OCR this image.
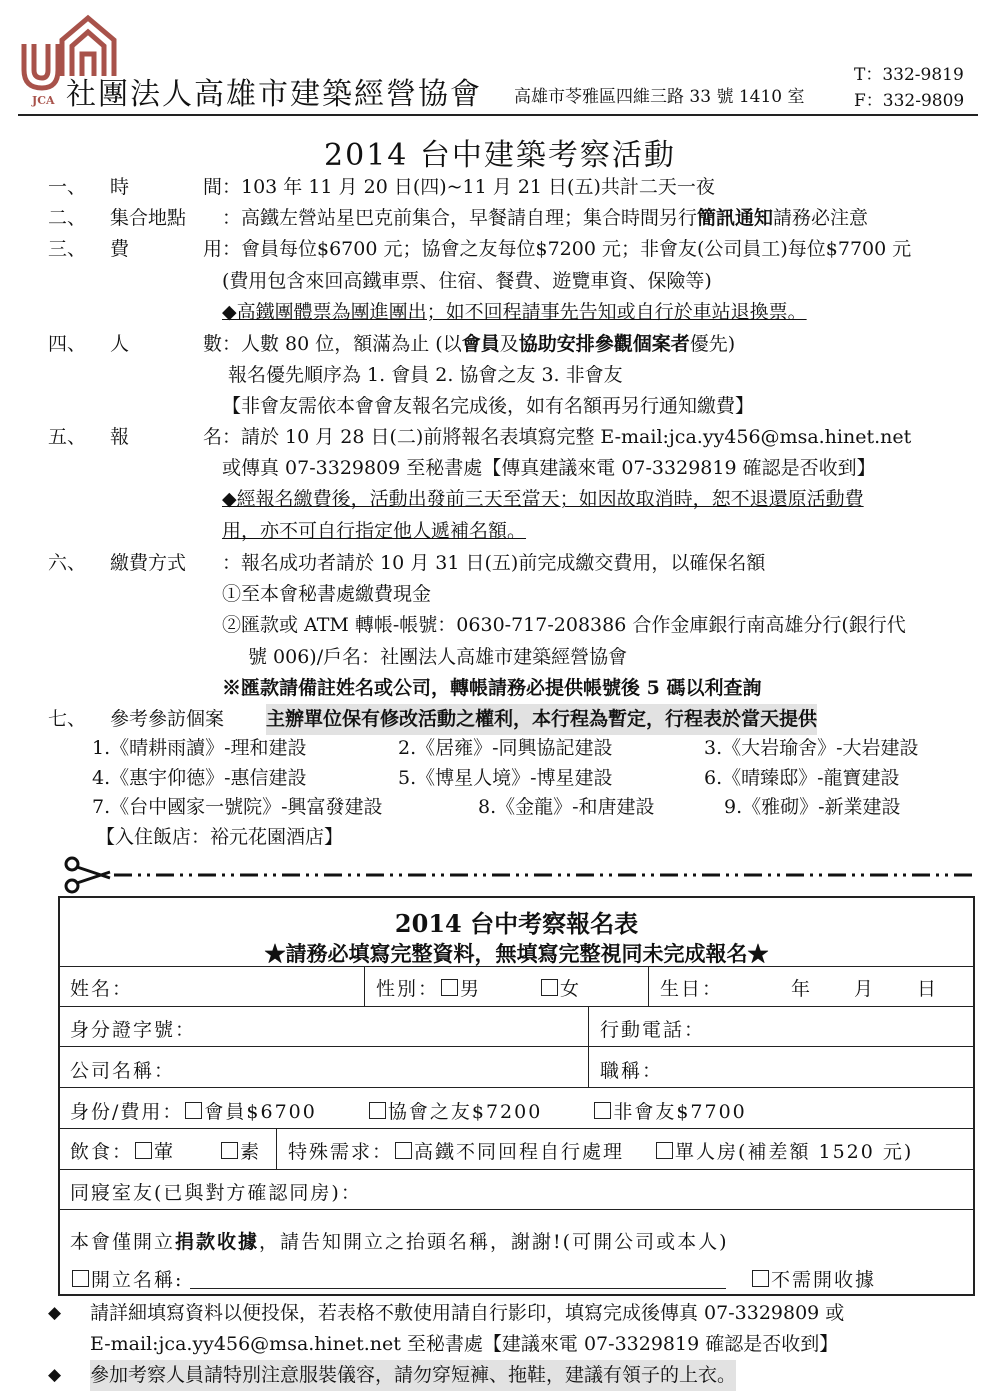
JCA 社團法人高雄市建築經營協會 高雄市苓雅區四維三路 33 號 1410 室
T：332-9819
F：332-9809
2014 台中建築考察活動
一、	時	間 ：103 年 11 月 20 日(四)~11 月 21 日(五)共計二天一夜
二、	集合地點	：高鐵左營站星巴克前集合，早餐請自理；集合時間另行簡訊通知請務必注意
三、	費	用 ：會員每位$6700 元；協會之友每位$7200 元；非會友(公司員工)每位$7700 元
(費用包含來回高鐵車票、住宿、餐費、遊覽車資、保險等)
◆高鐵團體票為團進團出；如不回程請事先告知或自行於車站退換票。
四、	人	數 ：人數 80 位，額滿為止 (以會員及協助安排參觀個案者優先)
報名優先順序為 1. 會員 2. 協會之友 3. 非會友
【非會友需依本會會友報名完成後，如有名額再另行通知繳費】
五、	報	名 ：請於 10 月 28 日(二)前將報名表填寫完整 E-mail:jca.yy456@msa.hinet.net
或傳真 07-3329809 至秘書處【傳真建議來電 07-3329819 確認是否收到】
◆經報名繳費後，活動出發前三天至當天；如因故取消時，恕不退還原活動費
用，亦不可自行指定他人遞補名額。
六、	繳費方式	：報名成功者請於 10 月 31 日(五)前完成繳交費用，以確保名額
①至本會秘書處繳費現金
②匯款或 ATM 轉帳-帳號：0630-717-208386 合作金庫銀行南高雄分行(銀行代
號 006)/戶名：社團法人高雄市建築經營協會
※匯款請備註姓名或公司，轉帳請務必提供帳號後 5 碼以利查詢
七、	參考參訪個案	主辦單位保有修改活動之權利，本行程為暫定，行程表於當天提供
1.《晴耕雨讀》-理和建設	2.《居雍》-同興協記建設	3.《大岩瑜舍》-大岩建設
4.《惠宇仰德》-惠信建設	5.《博星人境》-博星建設	6.《晴臻邸》-龍寶建設
7.《台中國家一號院》-興富發建設	8.《金龍》-和唐建設	9.《雅砌》-新業建設
【入住飯店：裕元花園酒店】
2014 台中考察報名表
★請務必填寫完整資料，無填寫完整視同未完成報名★
姓名：	性別： 男	女	生日：	年 月 日
身分證字號：	行動電話：
公司名稱：	職稱：
身份/費用： 會員$6700	協會之友$7200	非會友$7700
飲食： 葷	素 特殊需求： 高鐵不同回程自行處理	單人房(補差額 1520 元)
同寢室友(已與對方確認同房)：
本會僅開立捐款收據，請告知開立之抬頭名稱，謝謝!(可開公司或本人)
開立名稱:	不需開收據
◆	請詳細填寫資料以便投保，若表格不敷使用請自行影印，填寫完成後傳真 07-3329809 或
E-mail:jca.yy456@msa.hinet.net 至秘書處【建議來電 07-3329819 確認是否收到】
◆	參加考察人員請特別注意服裝儀容，請勿穿短褲、拖鞋，建議有領子的上衣。
